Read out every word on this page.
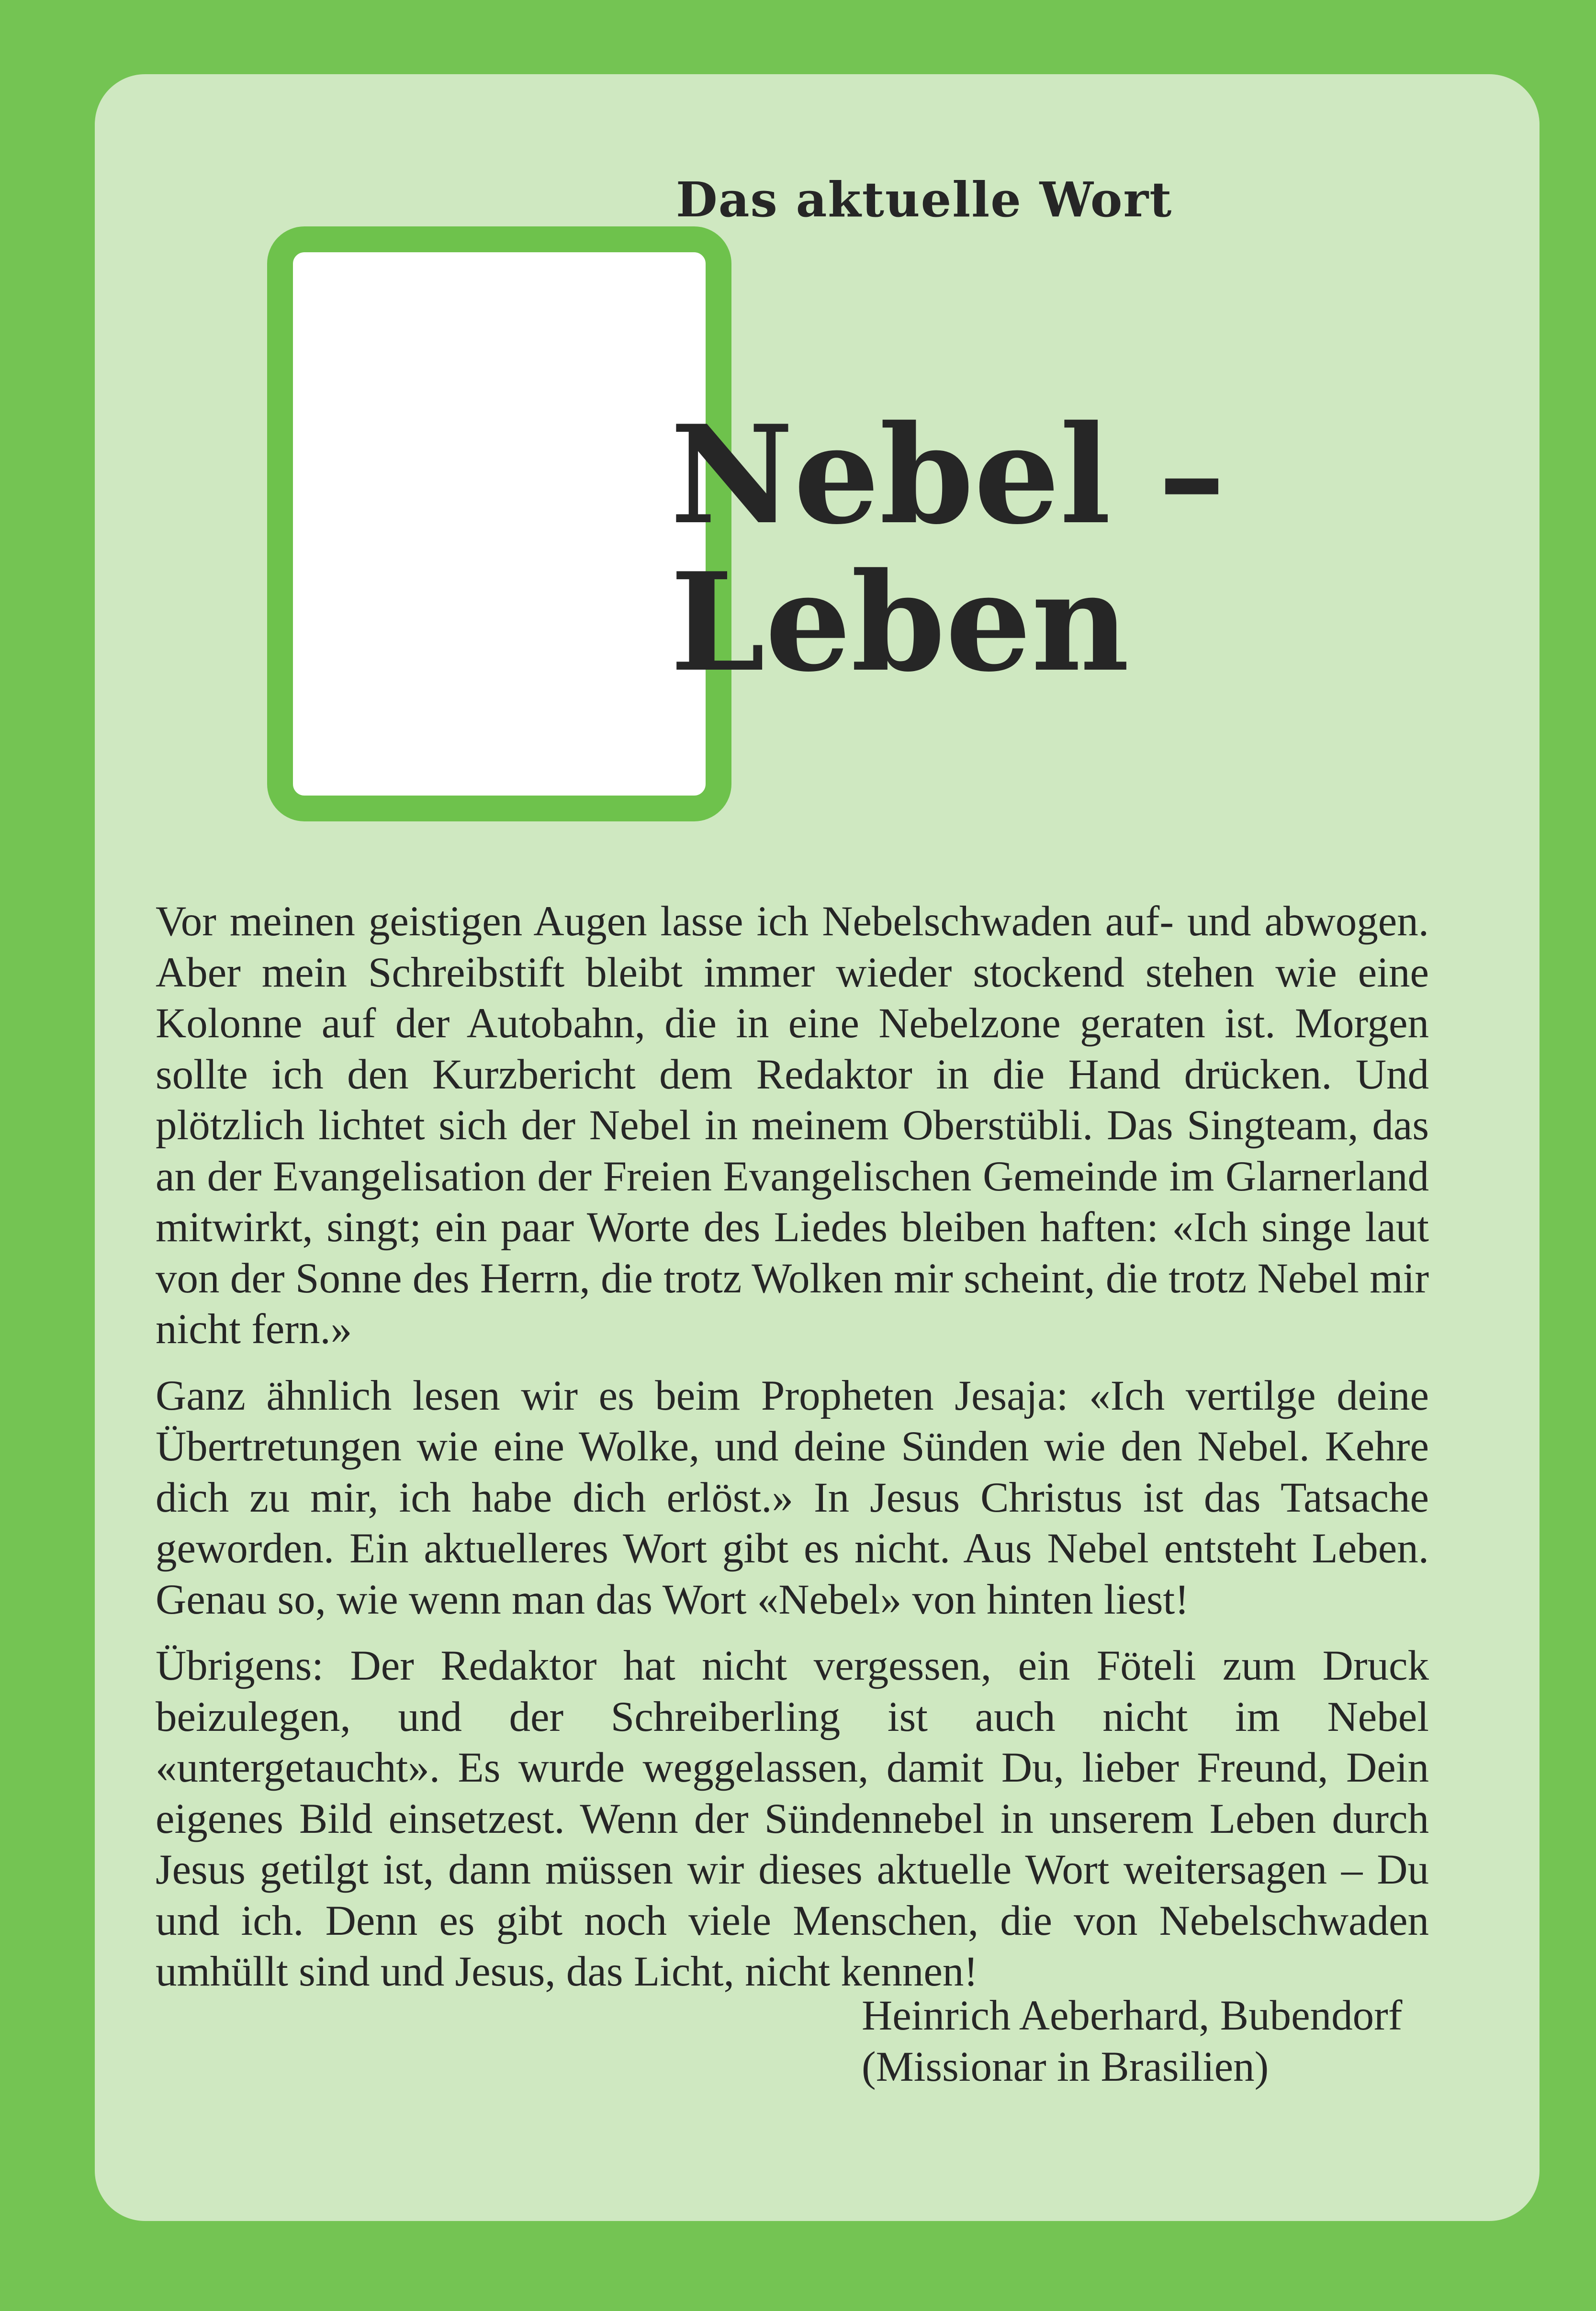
Das aktuelle Wort
Nebel –
Leben

Vor meinen geistigen Augen lasse ich Nebelschwaden auf- und abwogen. Aber mein Schreibstift bleibt immer wieder stockend stehen wie eine Kolonne auf der Autobahn, die in eine Nebelzone geraten ist. Morgen sollte ich den Kurzbericht dem Redaktor in die Hand drücken. Und plötzlich lichtet sich der Nebel in meinem Oberstübli. Das Singteam, das an der Evangelisation der Freien Evangelischen Gemeinde im Glarnerland mitwirkt, singt; ein paar Worte des Liedes bleiben haften: «Ich singe laut von der Sonne des Herrn, die trotz Wolken mir scheint, die trotz Nebel mir nicht fern.»

Ganz ähnlich lesen wir es beim Propheten Jesaja: «Ich vertilge deine Übertretungen wie eine Wolke, und deine Sünden wie den Nebel. Kehre dich zu mir, ich habe dich erlöst.» In Jesus Christus ist das Tatsache geworden. Ein aktuelleres Wort gibt es nicht. Aus Nebel entsteht Leben. Genau so, wie wenn man das Wort «Nebel» von hinten liest!

Übrigens: Der Redaktor hat nicht vergessen, ein Föteli zum Druck beizulegen, und der Schreiberling ist auch nicht im Nebel «untergetaucht». Es wurde weggelassen, damit Du, lieber Freund, Dein eigenes Bild einsetzest. Wenn der Sündennebel in unserem Leben durch Jesus getilgt ist, dann müssen wir dieses aktuelle Wort weitersagen – Du und ich. Denn es gibt noch viele Menschen, die von Nebelschwaden umhüllt sind und Jesus, das Licht, nicht kennen!

Heinrich Aeberhard, Bubendorf
(Missionar in Brasilien)
